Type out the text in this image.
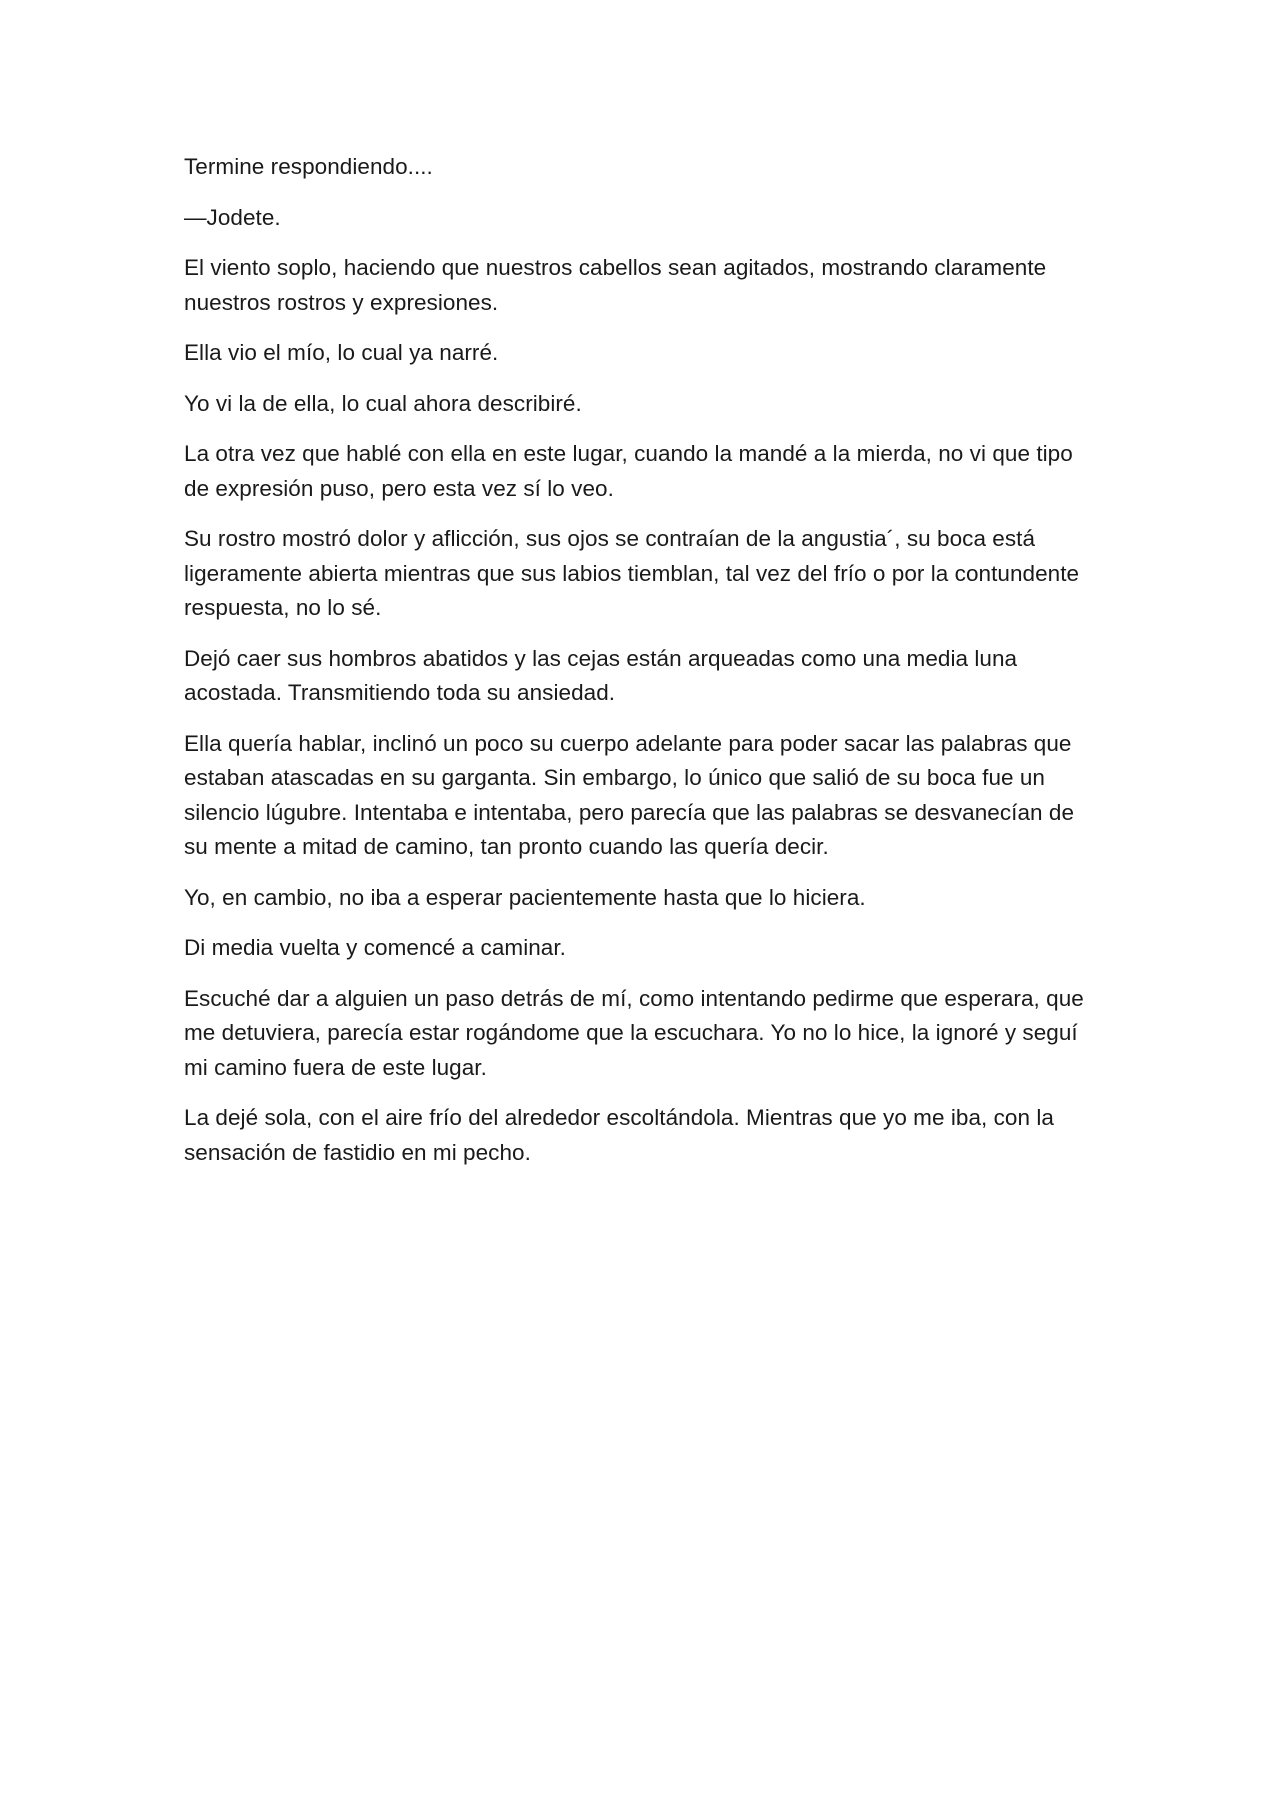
Termine respondiendo....

—Jodete.

El viento soplo, haciendo que nuestros cabellos sean agitados, mostrando claramente nuestros rostros y expresiones.

Ella vio el mío, lo cual ya narré.

Yo vi la de ella, lo cual ahora describiré.

La otra vez que hablé con ella en este lugar, cuando la mandé a la mierda, no vi que tipo de expresión puso, pero esta vez sí lo veo.

Su rostro mostró dolor y aflicción, sus ojos se contraían de la angustia´, su boca está ligeramente abierta mientras que sus labios tiemblan, tal vez del frío o por la contundente respuesta, no lo sé.

Dejó caer sus hombros abatidos y las cejas están arqueadas como una media luna acostada. Transmitiendo toda su ansiedad.

Ella quería hablar, inclinó un poco su cuerpo adelante para poder sacar las palabras que estaban atascadas en su garganta. Sin embargo, lo único que salió de su boca fue un silencio lúgubre. Intentaba e intentaba, pero parecía que las palabras se desvanecían de su mente a mitad de camino, tan pronto cuando las quería decir.

Yo, en cambio, no iba a esperar pacientemente hasta que lo hiciera.

Di media vuelta y comencé a caminar.

Escuché dar a alguien un paso detrás de mí, como intentando pedirme que esperara, que me detuviera, parecía estar rogándome que la escuchara. Yo no lo hice, la ignoré y seguí mi camino fuera de este lugar.

La dejé sola, con el aire frío del alrededor escoltándola. Mientras que yo me iba, con la sensación de fastidio en mi pecho.
